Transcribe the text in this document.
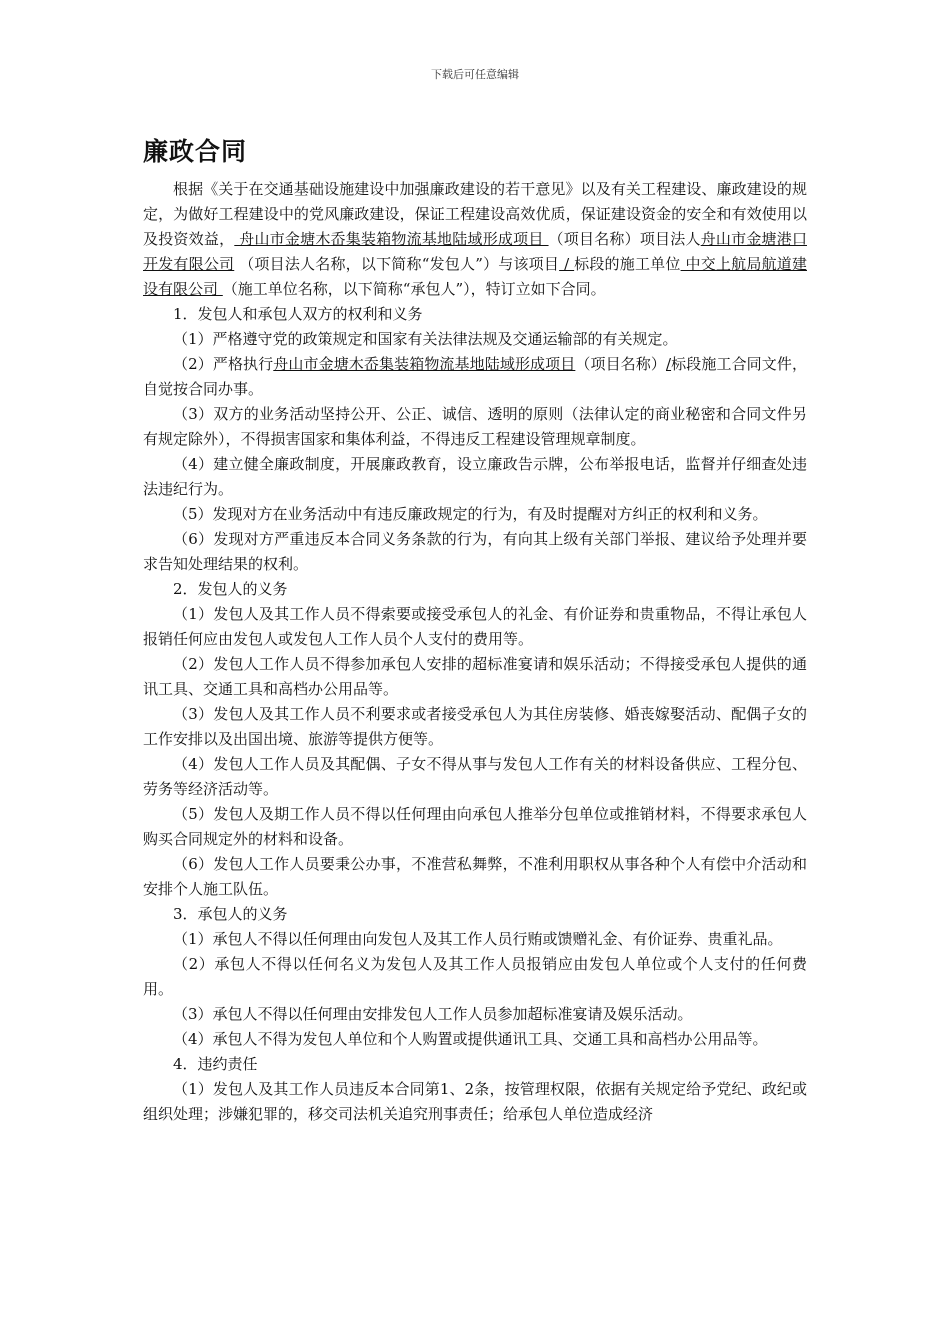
下载后可任意编辑
廉政合同

根据《关于在交通基础设施建设中加强廉政建设的若干意见》以及有关工程建设、廉政建设的规定，为做好工程建设中的党风廉政建设，保证工程建设高效优质，保证建设资金的安全和有效使用以及投资效益， 舟山市金塘木岙集装箱物流基地陆域形成项目 （项目名称）项目法人舟山市金塘港口开发有限公司 （项目法人名称，以下简称“发包人”）与该项目 / 标段的施工单位 中交上航局航道建设有限公司 （施工单位名称，以下简称“承包人”），特订立如下合同。

1．发包人和承包人双方的权利和义务

（1）严格遵守党的政策规定和国家有关法律法规及交通运输部的有关规定。

（2）严格执行舟山市金塘木岙集装箱物流基地陆域形成项目（项目名称）/标段施工合同文件，自觉按合同办事。

（3）双方的业务活动坚持公开、公正、诚信、透明的原则（法律认定的商业秘密和合同文件另有规定除外），不得损害国家和集体利益，不得违反工程建设管理规章制度。

（4）建立健全廉政制度，开展廉政教育，设立廉政告示牌，公布举报电话，监督并仔细查处违法违纪行为。

（5）发现对方在业务活动中有违反廉政规定的行为，有及时提醒对方纠正的权利和义务。

（6）发现对方严重违反本合同义务条款的行为，有向其上级有关部门举报、建议给予处理并要求告知处理结果的权利。

2．发包人的义务

（1）发包人及其工作人员不得索要或接受承包人的礼金、有价证券和贵重物品，不得让承包人报销任何应由发包人或发包人工作人员个人支付的费用等。

（2）发包人工作人员不得参加承包人安排的超标准宴请和娱乐活动；不得接受承包人提供的通讯工具、交通工具和高档办公用品等。

（3）发包人及其工作人员不利要求或者接受承包人为其住房装修、婚丧嫁娶活动、配偶子女的工作安排以及出国出境、旅游等提供方便等。

（4）发包人工作人员及其配偶、子女不得从事与发包人工作有关的材料设备供应、工程分包、劳务等经济活动等。

（5）发包人及期工作人员不得以任何理由向承包人推举分包单位或推销材料，不得要求承包人购买合同规定外的材料和设备。

（6）发包人工作人员要秉公办事，不准营私舞弊，不准利用职权从事各种个人有偿中介活动和安排个人施工队伍。

3．承包人的义务

（1）承包人不得以任何理由向发包人及其工作人员行贿或馈赠礼金、有价证券、贵重礼品。

（2）承包人不得以任何名义为发包人及其工作人员报销应由发包人单位或个人支付的任何费用。

（3）承包人不得以任何理由安排发包人工作人员参加超标准宴请及娱乐活动。

（4）承包人不得为发包人单位和个人购置或提供通讯工具、交通工具和高档办公用品等。

4．违约责任

（1）发包人及其工作人员违反本合同第1、2条，按管理权限，依据有关规定给予党纪、政纪或组织处理；涉嫌犯罪的，移交司法机关追究刑事责任；给承包人单位造成经济
